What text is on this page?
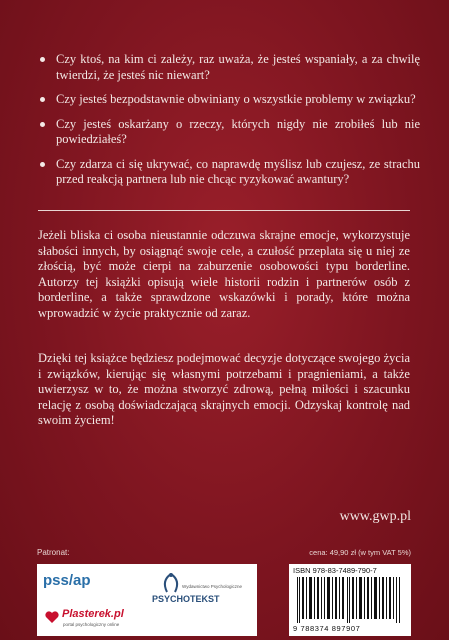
Czy ktoś, na kim ci zależy, raz uważa, że jesteś wspaniały, a za chwilę twierdzi, że jesteś nic niewart?
Czy jesteś bezpodstawnie obwiniany o wszystkie problemy w związku?
Czy jesteś oskarżany o rzeczy, których nigdy nie zrobiłeś lub nie powiedziałeś?
Czy zdarza ci się ukrywać, co naprawdę myślisz lub czujesz, ze strachu przed reakcją partnera lub nie chcąc ryzykować awantury?
Jeżeli bliska ci osoba nieustannie odczuwa skrajne emocje, wykorzystuje słabości innych, by osiągnąć swoje cele, a czułość przeplata się u niej ze złością, być może cierpi na zaburzenie osobowości typu borderline. Autorzy tej książki opisują wiele historii rodzin i partnerów osób z borderline, a także sprawdzone wskazówki i porady, które można wprowadzić w życie praktycznie od zaraz.
Dzięki tej książce będziesz podejmować decyzje dotyczące swojego życia i związków, kierując się własnymi potrzebami i pragnieniami, a także uwierzysz w to, że można stworzyć zdrową, pełną miłości i szacunku relację z osobą doświadczającą skrajnych emocji. Odzyskaj kontrolę nad swoim życiem!
www.gwp.pl
Patronat:
pss/ap	Wydawnictwo Psychologiczne
PSYCHOTEKST
Plasterek.pl
portal psychologiczny online
cena: 49,90 zł (w tym VAT 5%)
ISBN 978-83-7489-790-7
9 788374 897907
